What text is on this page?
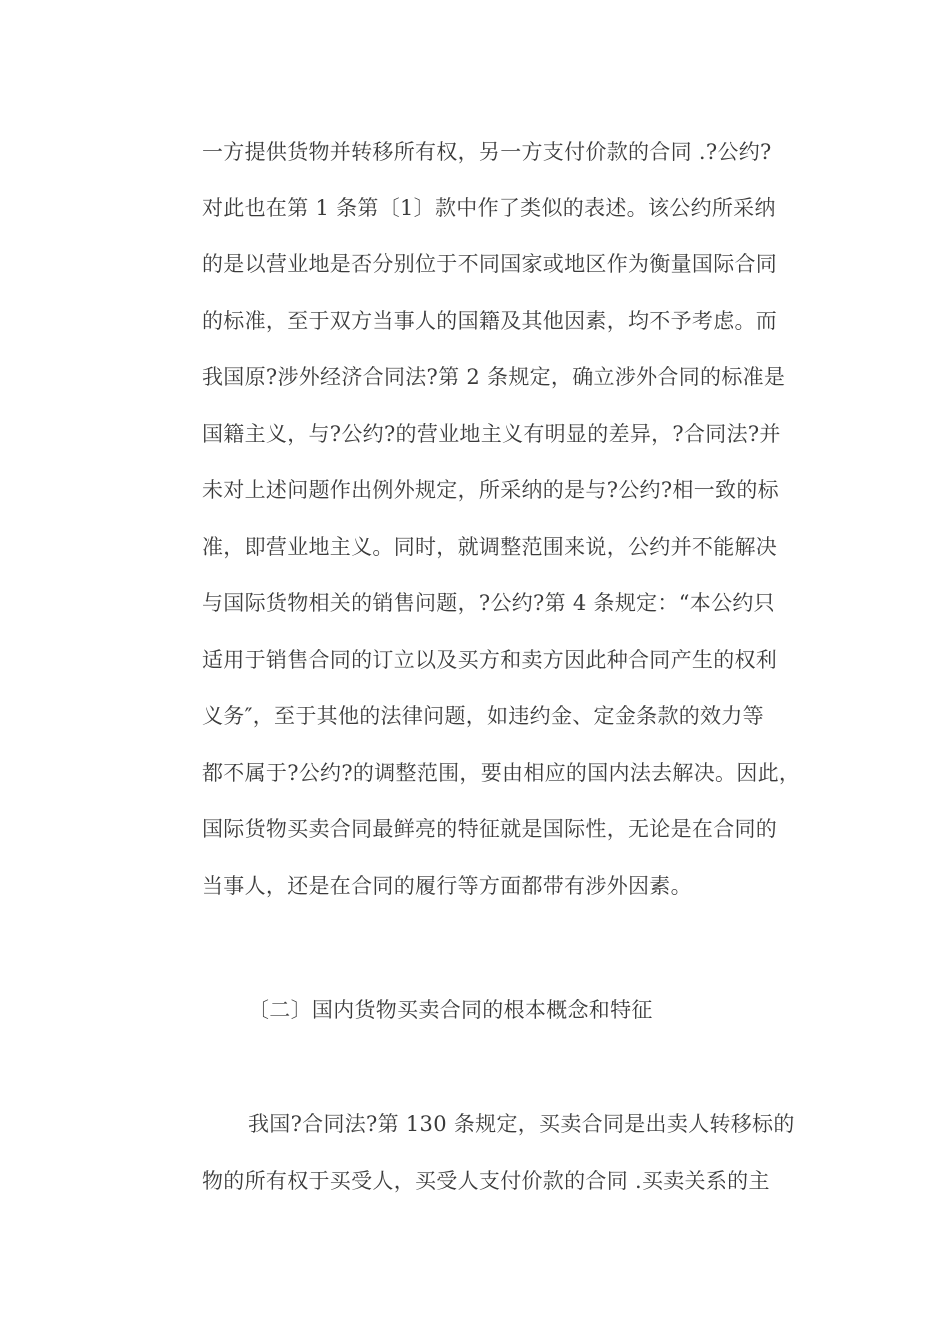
一方提供货物并转移所有权，另一方支付价款的合同 .?公约?
对此也在第 1 条第〔1〕款中作了类似的表述。该公约所采纳
的是以营业地是否分别位于不同国家或地区作为衡量国际合同
的标准，至于双方当事人的国籍及其他因素，均不予考虑。而
我国原?涉外经济合同法?第 2 条规定，确立涉外合同的标准是
国籍主义，与?公约?的营业地主义有明显的差异，?合同法?并
未对上述问题作出例外规定，所采纳的是与?公约?相一致的标
准，即营业地主义。同时，就调整范围来说，公约并不能解决
与国际货物相关的销售问题，?公约?第 4 条规定：“本公约只
适用于销售合同的订立以及买方和卖方因此种合同产生的权利
义务″，至于其他的法律问题，如违约金、定金条款的效力等
都不属于?公约?的调整范围，要由相应的国内法去解决。因此，
国际货物买卖合同最鲜亮的特征就是国际性，无论是在合同的
当事人，还是在合同的履行等方面都带有涉外因素。
〔二〕国内货物买卖合同的根本概念和特征
我国?合同法?第 130 条规定，买卖合同是出卖人转移标的
物的所有权于买受人，买受人支付价款的合同 .买卖关系的主
